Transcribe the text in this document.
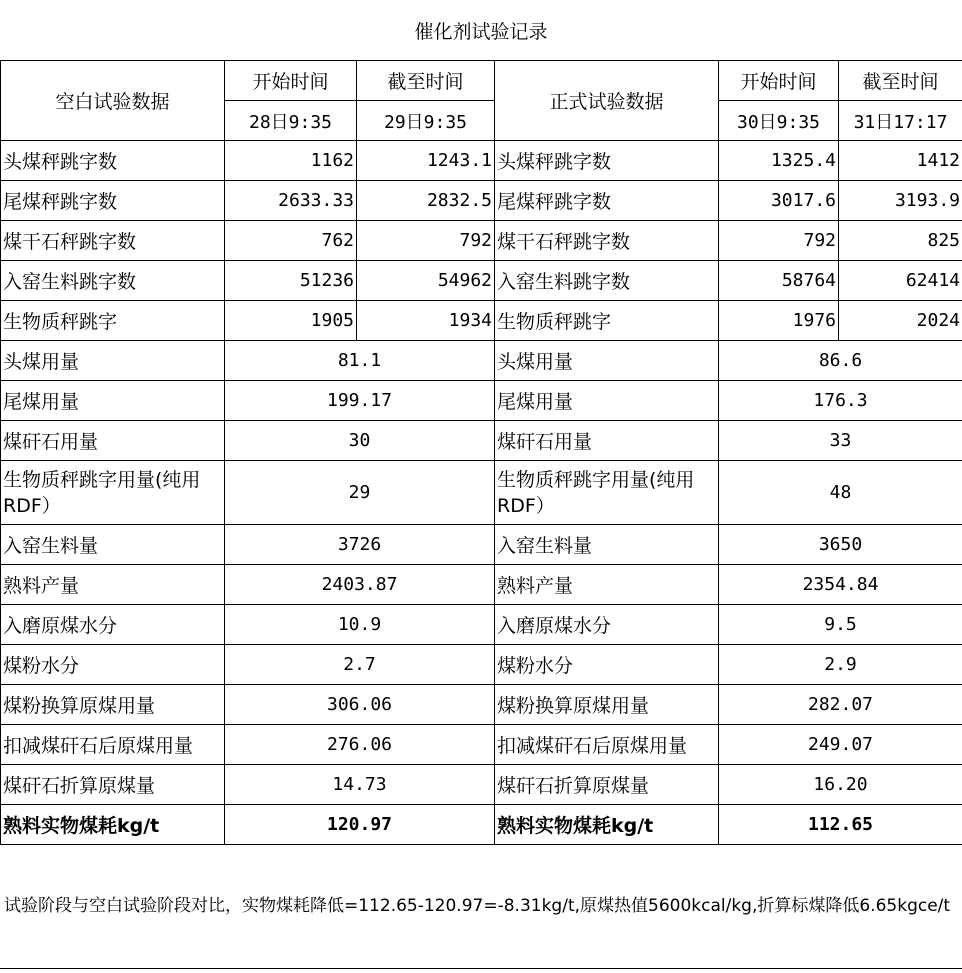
催化剂试验记录
空白试验数据	开始时间	截至时间	正式试验数据	开始时间	截至时间
	28日9:35	29日9:35		30日9:35	31日17:17
头煤秤跳字数	1162	1243.1	头煤秤跳字数	1325.4	1412
尾煤秤跳字数	2633.33	2832.5	尾煤秤跳字数	3017.6	3193.9
煤干石秤跳字数	762	792	煤干石秤跳字数	792	825
入窑生料跳字数	51236	54962	入窑生料跳字数	58764	62414
生物质秤跳字	1905	1934	生物质秤跳字	1976	2024
头煤用量	81.1		头煤用量	86.6	
尾煤用量	199.17		尾煤用量	176.3	
煤矸石用量	30		煤矸石用量	33	
生物质秤跳字用量(纯用RDF）	29		生物质秤跳字用量(纯用RDF）	48	
入窑生料量	3726		入窑生料量	3650	
熟料产量	2403.87		熟料产量	2354.84	
入磨原煤水分	10.9		入磨原煤水分	9.5	
煤粉水分	2.7		煤粉水分	2.9	
煤粉换算原煤用量	306.06		煤粉换算原煤用量	282.07	
扣减煤矸石后原煤用量	276.06		扣减煤矸石后原煤用量	249.07	
煤矸石折算原煤量	14.73		煤矸石折算原煤量	16.20	
熟料实物煤耗kg/t	120.97		熟料实物煤耗kg/t	112.65	
试验阶段与空白试验阶段对比，实物煤耗降低=112.65-120.97=-8.31kg/t,原煤热值5600kcal/kg,折算标煤降低6.65kgce/t
